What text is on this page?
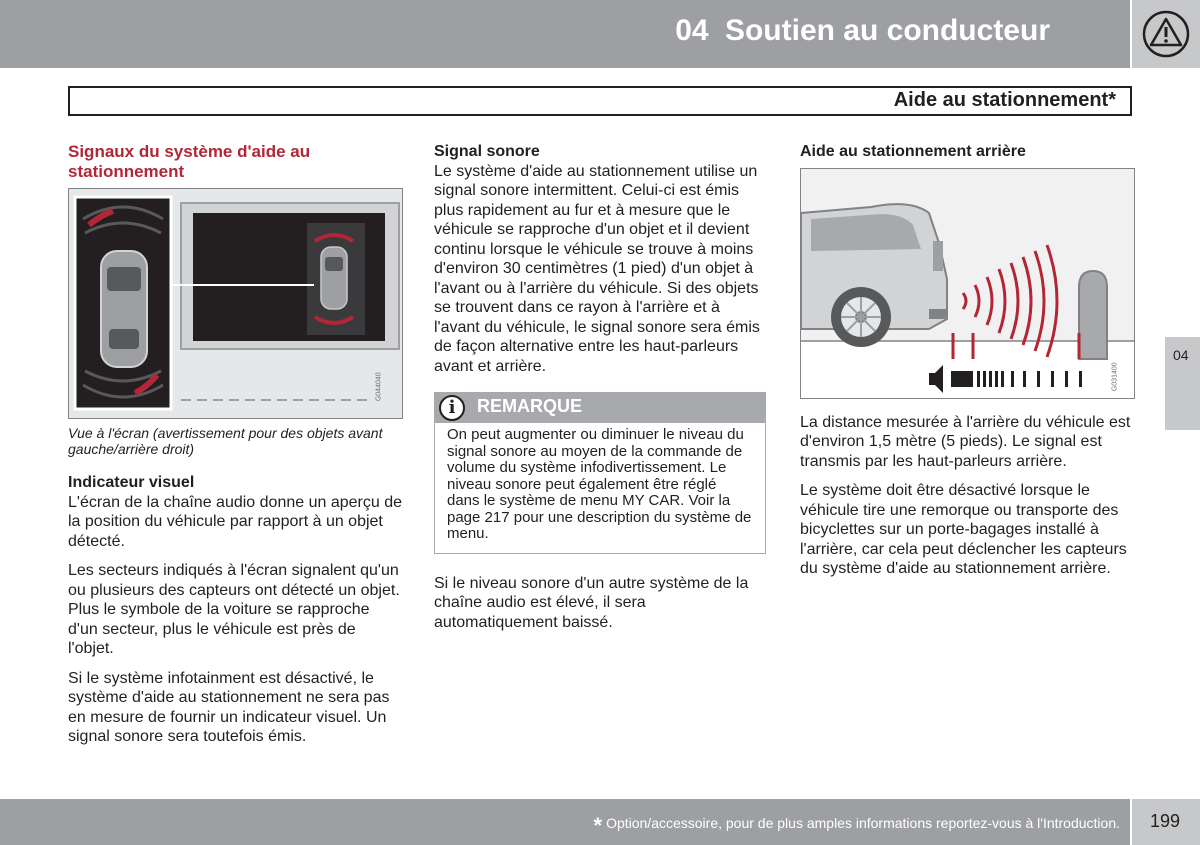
04 Soutien au conducteur
Aide au stationnement*
Signaux du système d'aide au stationnement
G044040
Vue à l'écran (avertissement pour des objets avant gauche/arrière droit)
Indicateur visuel

L'écran de la chaîne audio donne un aperçu de la position du véhicule par rapport à un objet détecté.

Les secteurs indiqués à l'écran signalent qu'un ou plusieurs des capteurs ont détecté un objet. Plus le symbole de la voiture se rapproche d'un secteur, plus le véhicule est près de l'objet.

Si le système infotainment est désactivé, le système d'aide au stationnement ne sera pas en mesure de fournir un indicateur visuel. Un signal sonore sera toutefois émis.

Signal sonore

Le système d'aide au stationnement utilise un signal sonore intermittent. Celui-ci est émis plus rapidement au fur et à mesure que le véhicule se rapproche d'un objet et il devient continu lorsque le véhicule se trouve à moins d'environ 30 centimètres (1 pied) d'un objet à l'avant ou à l'arrière du véhicule. Si des objets se trouvent dans ce rayon à l'arrière et à l'avant du véhicule, le signal sonore sera émis de façon alternative entre les haut-parleurs avant et arrière.

i	REMARQUE
On peut augmenter ou diminuer le niveau du signal sonore au moyen de la commande de volume du système infodivertissement. Le niveau sonore peut également être réglé dans le système de menu MY CAR. Voir la page 217 pour une description du système de menu.

Si le niveau sonore d'un autre système de la chaîne audio est élevé, il sera automatiquement baissé.

Aide au stationnement arrière
G031400

La distance mesurée à l'arrière du véhicule est d'environ 1,5 mètre (5 pieds). Le signal est transmis par les haut-parleurs arrière.

Le système doit être désactivé lorsque le véhicule tire une remorque ou transporte des bicyclettes sur un porte-bagages installé à l'arrière, car cela peut déclencher les capteurs du système d'aide au stationnement arrière.

04
* Option/accessoire, pour de plus amples informations reportez-vous à l'Introduction. 199
